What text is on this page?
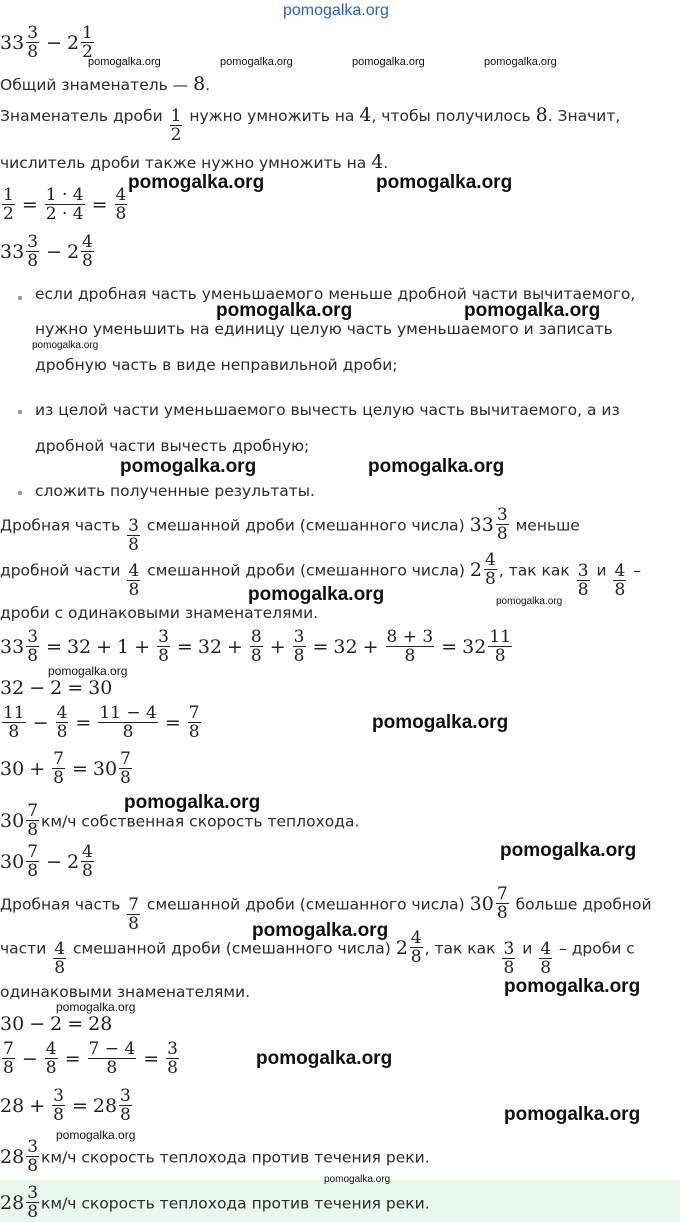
pomogalka.org
33 3
8 − 2 1
2
Общий знаменатель — 8.
Знаменатель дроби 1
2
нужно умножить на 4, чтобы получилось 8. Значит,
числитель дроби также нужно умножить на 4.
$\frac{1}{2} = \frac{1 \cdot 4}{2 \cdot 4} = \frac{4}{8}$
33 3
8 − 2 4
8
если дробная часть уменьшаемого меньше дробной части вычитаемого,
нужно уменьшить на единицу целую часть уменьшаемого и записать
дробную часть в виде неправильной дроби;
из целой части уменьшаемого вычесть целую часть вычитаемого, а из
дробной части вычесть дробную;
сложить полученные результаты.
Дробная часть 3
8
смешанной дроби (смешанного числа) 33 3
8 меньше
дробной части 4
8
смешанной дроби (смешанного числа) 2 4
8 , так как 3
8
и 4
8
–
дроби с одинаковыми знаменателями.
$33 \frac{3}{8} = 32 + 1 + \frac{3}{8} = 32 + \frac{8}{8} + \frac{3}{8} = 32 + \frac{8 + 3}{8} = 32$ 11
8
32 − 2 = 30
11
$8 - \frac{4}{8} = \frac{11 - 4}{8} = \frac{7}{8}$
$30 + \frac{7}{8} = 30$ 7
8
30 7
8 км/ч собственная скорость теплохода.
30 7
8 − 2 4
8
Дробная часть 7
8
смешанной дроби (смешанного числа) 30 7
8 больше дробной
части 4
8
смешанной дроби (смешанного числа) 2 4
8 , так как 3
8
и 4
8
– дроби с
одинаковыми знаменателями.
30 − 2 = 28
7
$8 - \frac{4}{8} = \frac{7 - 4}{8} = \frac{3}{8}$
$28 + \frac{3}{8} = 28$ 3
8
28 3
8 км/ч скорость теплохода против течения реки.
28 3
8 км/ч скорость теплохода против течения реки.
pomogalka.org	pomogalka.org	pomogalka.org	pomogalka.org
pomogalka.org	pomogalka.org
pomogalka.org	pomogalka.org
pomogalka.org
pomogalka.org	pomogalka.org
pomogalka.org	pomogalka.org
pomogalka.org
pomogalka.org
pomogalka.org
pomogalka.org
pomogalka.org
pomogalka.org
pomogalka.org
pomogalka.org
pomogalka.org
pomogalka.org
pomogalka.org
